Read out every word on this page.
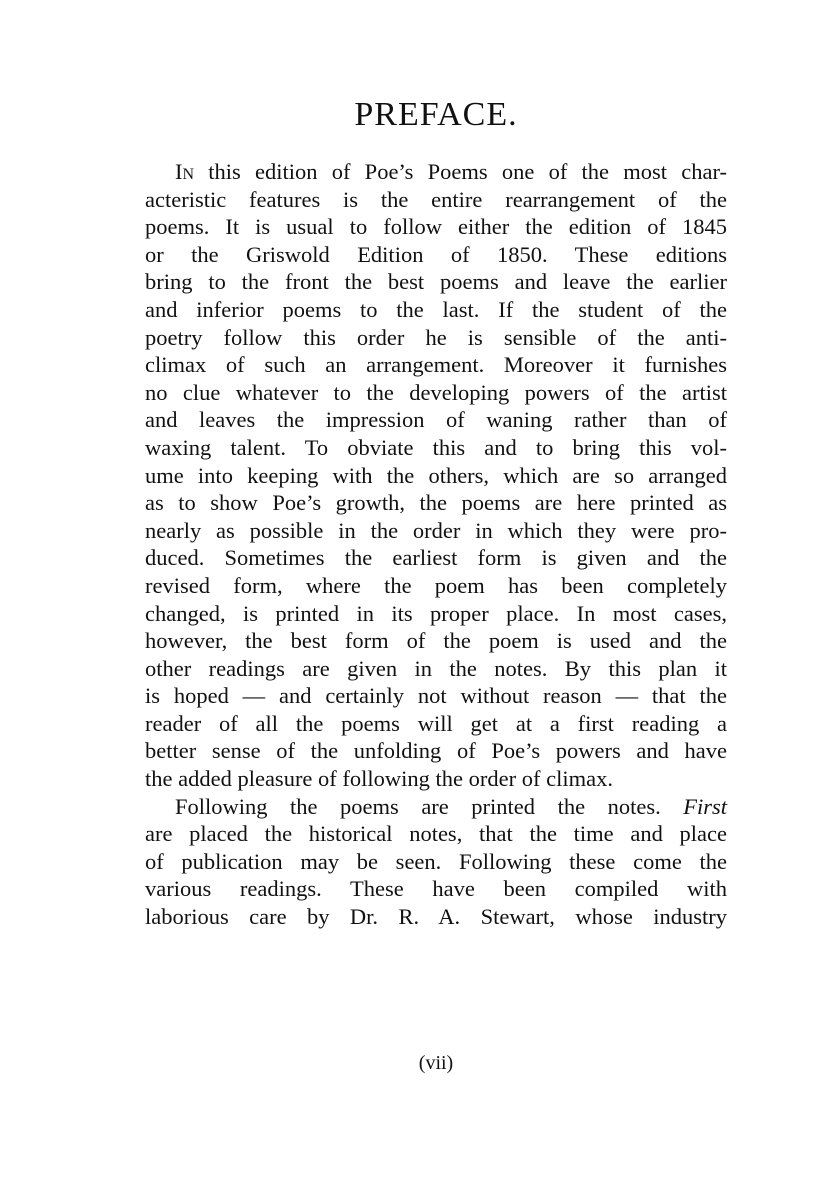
PREFACE.
In this edition of Poe’s Poems one of the most char-
acteristic features is the entire rearrangement of the
poems. It is usual to follow either the edition of 1845
or the Griswold Edition of 1850. These editions
bring to the front the best poems and leave the earlier
and inferior poems to the last. If the student of the
poetry follow this order he is sensible of the anti-
climax of such an arrangement. Moreover it furnishes
no clue whatever to the developing powers of the artist
and leaves the impression of waning rather than of
waxing talent. To obviate this and to bring this vol-
ume into keeping with the others, which are so arranged
as to show Poe’s growth, the poems are here printed as
nearly as possible in the order in which they were pro-
duced. Sometimes the earliest form is given and the
revised form, where the poem has been completely
changed, is printed in its proper place. In most cases,
however, the best form of the poem is used and the
other readings are given in the notes. By this plan it
is hoped — and certainly not without reason — that the
reader of all the poems will get at a first reading a
better sense of the unfolding of Poe’s powers and have
the added pleasure of following the order of climax.
Following the poems are printed the notes. First
are placed the historical notes, that the time and place
of publication may be seen. Following these come the
various readings. These have been compiled with
laborious care by Dr. R. A. Stewart, whose industry
(vii)
